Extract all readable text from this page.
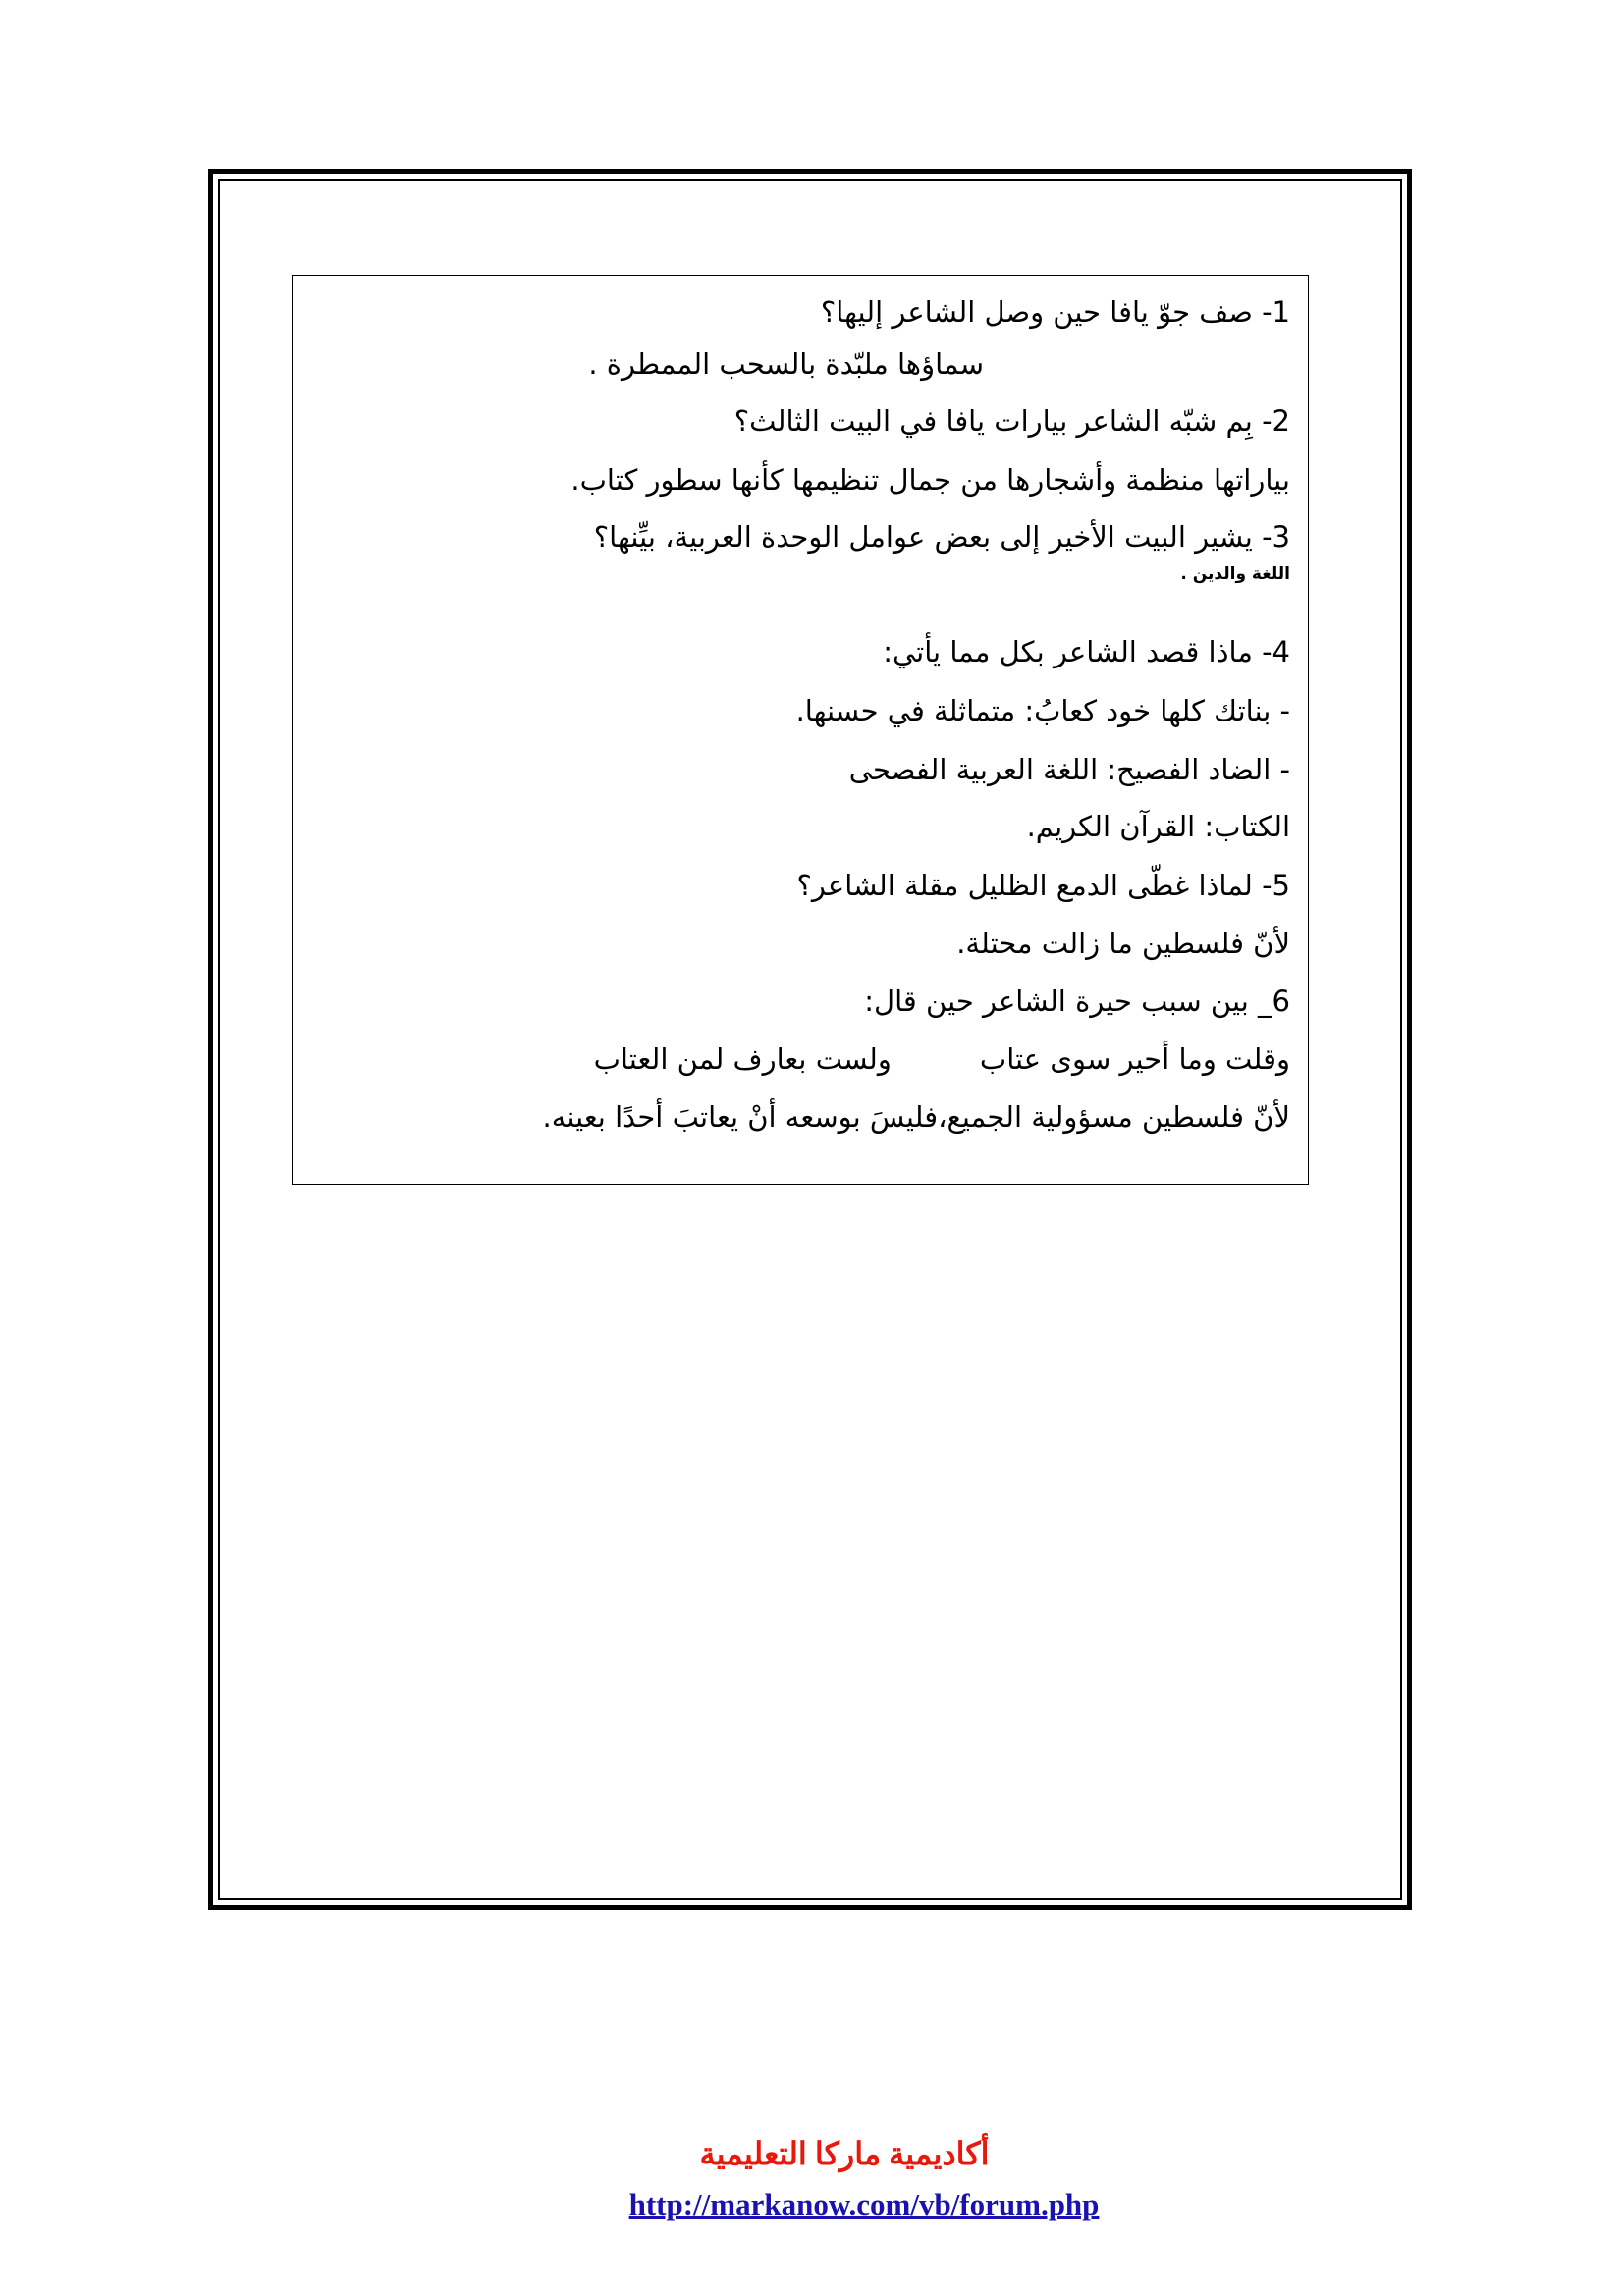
1- صف جوّ يافا حين وصل الشاعر إليها؟
سماؤها ملبّدة بالسحب الممطرة .
2- بِم شبّه الشاعر بيارات يافا في البيت الثالث؟
بياراتها منظمة وأشجارها من جمال تنظيمها كأنها سطور كتاب.
3- يشير البيت الأخير إلى بعض عوامل الوحدة العربية، بيِّنها؟
اللغة والدين .
4- ماذا قصد الشاعر بكل مما يأتي:
- بناتك كلها خود كعابُ: متماثلة في حسنها.
- الضاد الفصيح: اللغة العربية الفصحى
الكتاب: القرآن الكريم.
5- لماذا غطّى الدمع الظليل مقلة الشاعر؟
لأنّ فلسطين ما زالت محتلة.
6_ بين سبب حيرة الشاعر حين قال:
وقلت وما أحير سوى عتابولست بعارف لمن العتاب
لأنّ فلسطين مسؤولية الجميع،فليسَ بوسعه أنْ يعاتبَ أحدًا بعينه.
أكاديمية ماركا التعليمية
http://markanow.com/vb/forum.php
